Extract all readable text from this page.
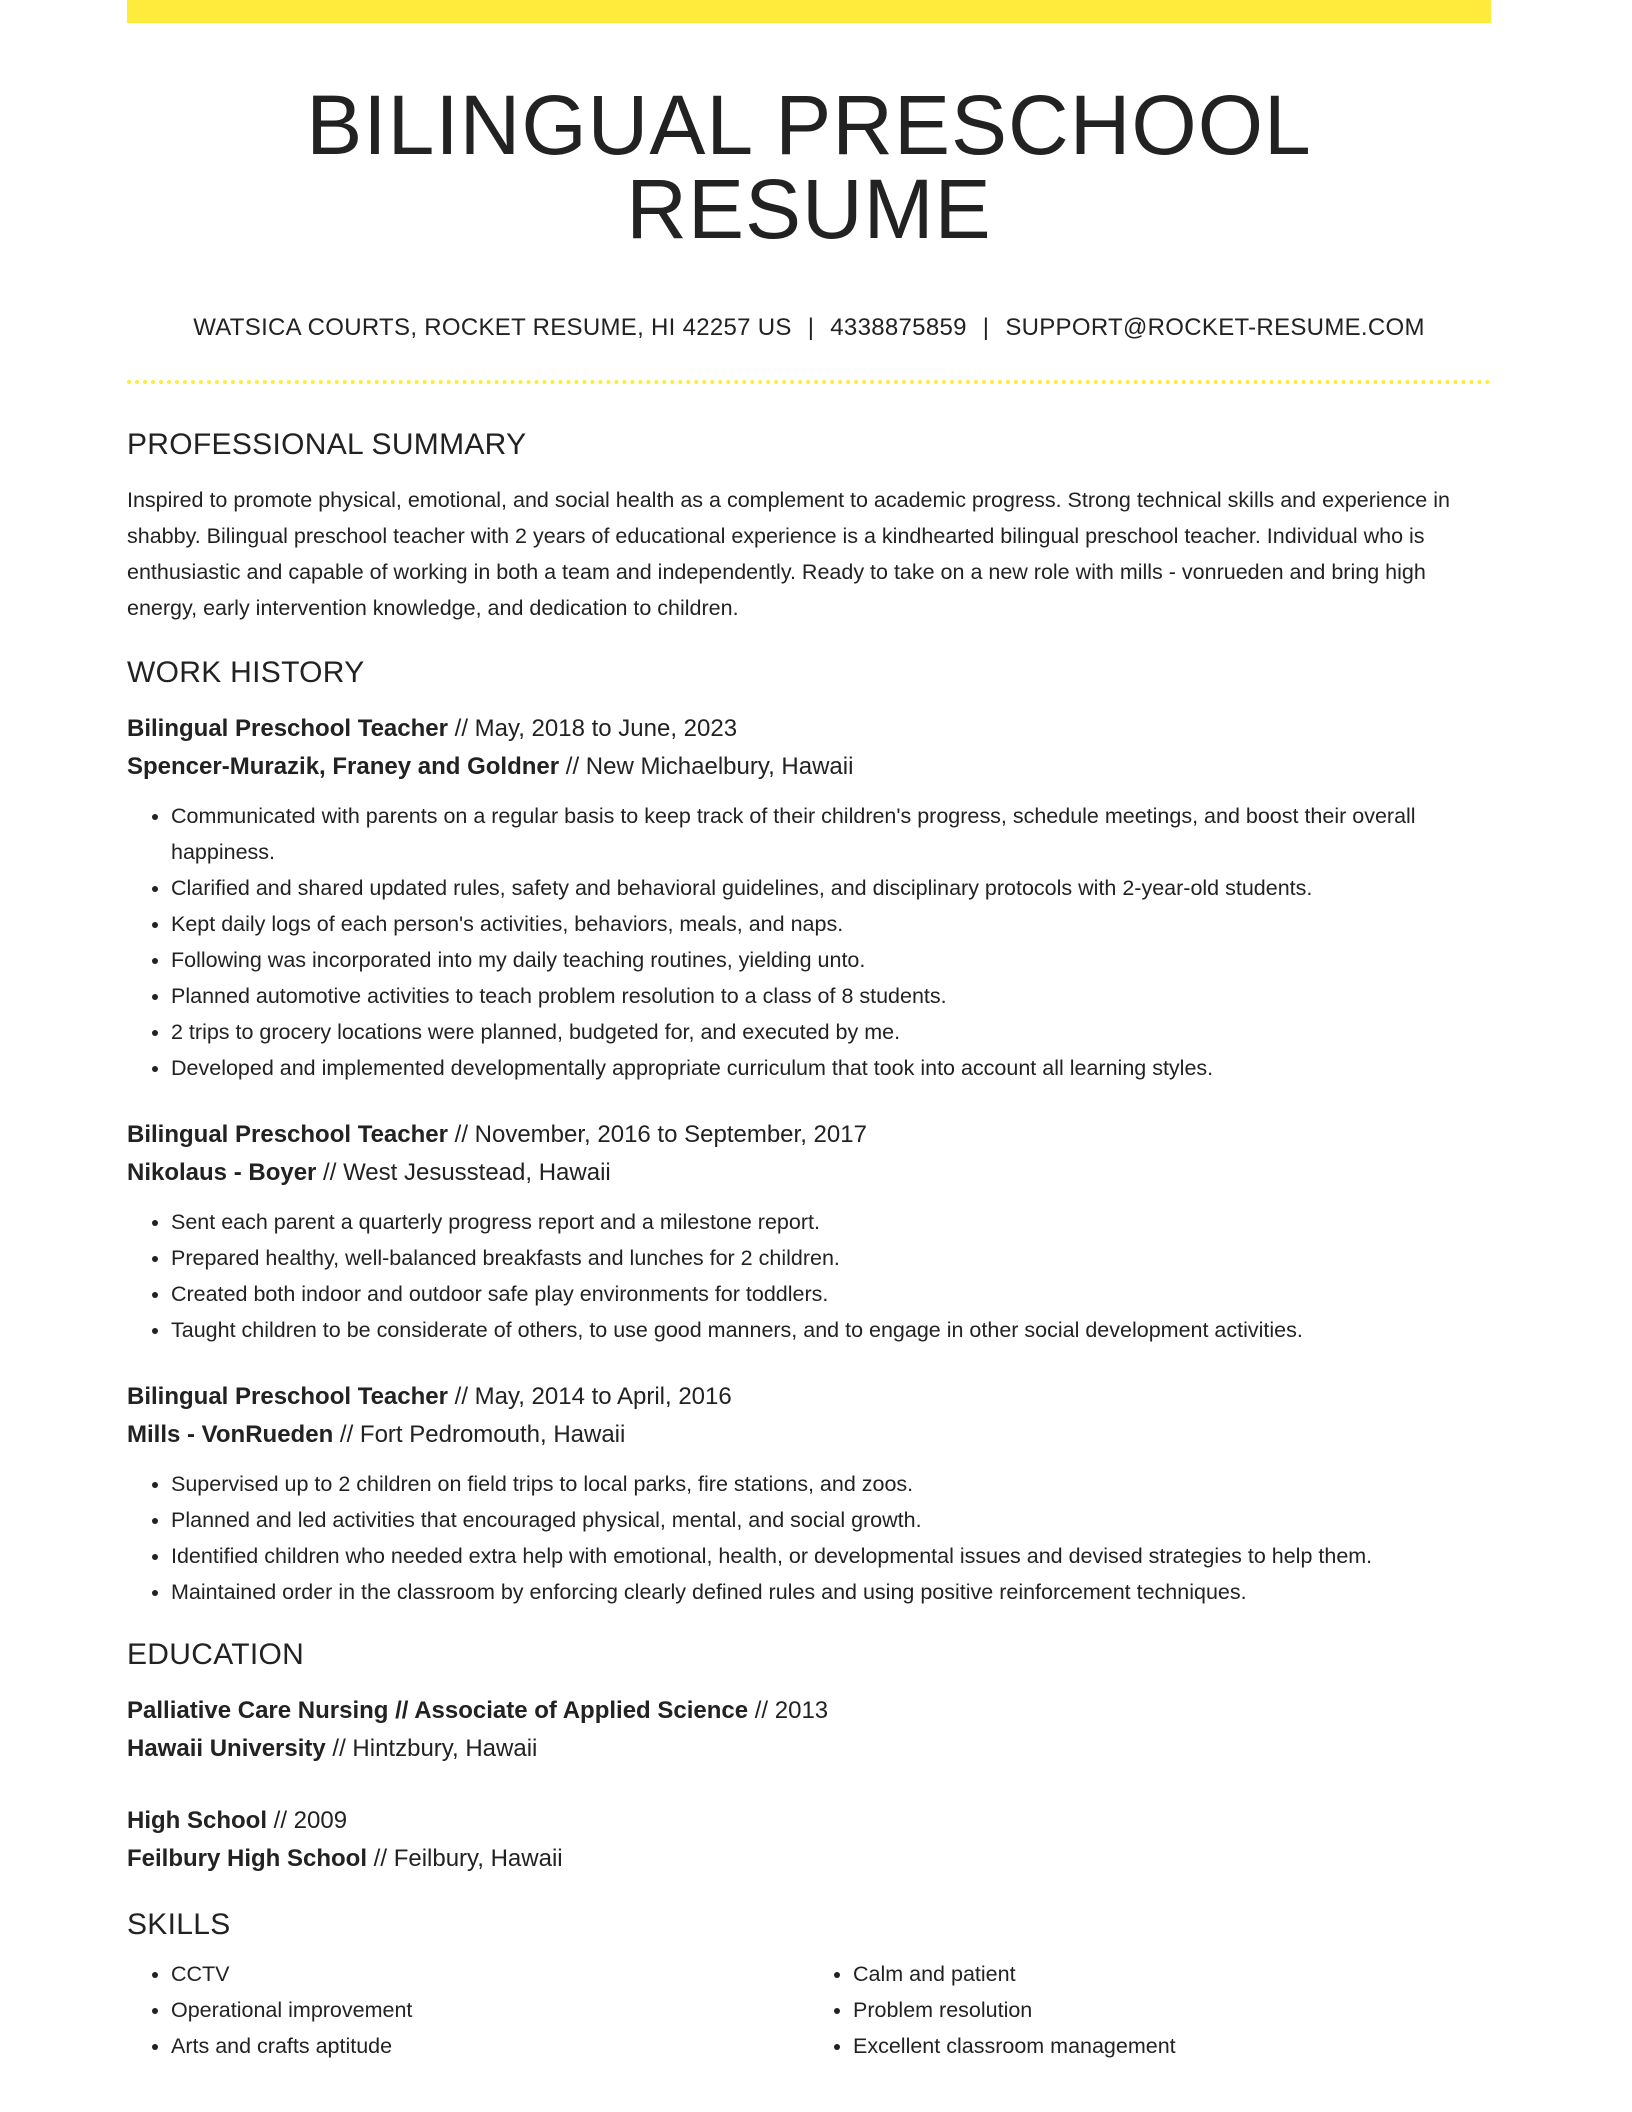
BILINGUAL PRESCHOOL RESUME
WATSICA COURTS, ROCKET RESUME, HI 42257 US | 4338875859 | SUPPORT@ROCKET-RESUME.COM
PROFESSIONAL SUMMARY

Inspired to promote physical, emotional, and social health as a complement to academic progress. Strong technical skills and experience in shabby. Bilingual preschool teacher with 2 years of educational experience is a kindhearted bilingual preschool teacher. Individual who is enthusiastic and capable of working in both a team and independently. Ready to take on a new role with mills - vonrueden and bring high energy, early intervention knowledge, and dedication to children.

WORK HISTORY
Bilingual Preschool Teacher // May, 2018 to June, 2023
Spencer-Murazik, Franey and Goldner // New Michaelbury, Hawaii
• Communicated with parents on a regular basis to keep track of their children's progress, schedule meetings, and boost their overall happiness.
• Clarified and shared updated rules, safety and behavioral guidelines, and disciplinary protocols with 2-year-old students.
• Kept daily logs of each person's activities, behaviors, meals, and naps.
• Following was incorporated into my daily teaching routines, yielding unto.
• Planned automotive activities to teach problem resolution to a class of 8 students.
• 2 trips to grocery locations were planned, budgeted for, and executed by me.
• Developed and implemented developmentally appropriate curriculum that took into account all learning styles.
Bilingual Preschool Teacher // November, 2016 to September, 2017
Nikolaus - Boyer // West Jesusstead, Hawaii
• Sent each parent a quarterly progress report and a milestone report.
• Prepared healthy, well-balanced breakfasts and lunches for 2 children.
• Created both indoor and outdoor safe play environments for toddlers.
• Taught children to be considerate of others, to use good manners, and to engage in other social development activities.
Bilingual Preschool Teacher // May, 2014 to April, 2016
Mills - VonRueden // Fort Pedromouth, Hawaii
• Supervised up to 2 children on field trips to local parks, fire stations, and zoos.
• Planned and led activities that encouraged physical, mental, and social growth.
• Identified children who needed extra help with emotional, health, or developmental issues and devised strategies to help them.
• Maintained order in the classroom by enforcing clearly defined rules and using positive reinforcement techniques.
EDUCATION
Palliative Care Nursing // Associate of Applied Science // 2013
Hawaii University // Hintzbury, Hawaii
High School // 2009
Feilbury High School // Feilbury, Hawaii
SKILLS
• CCTV
• Operational improvement
• Arts and crafts aptitude
• Calm and patient
• Problem resolution
• Excellent classroom management
